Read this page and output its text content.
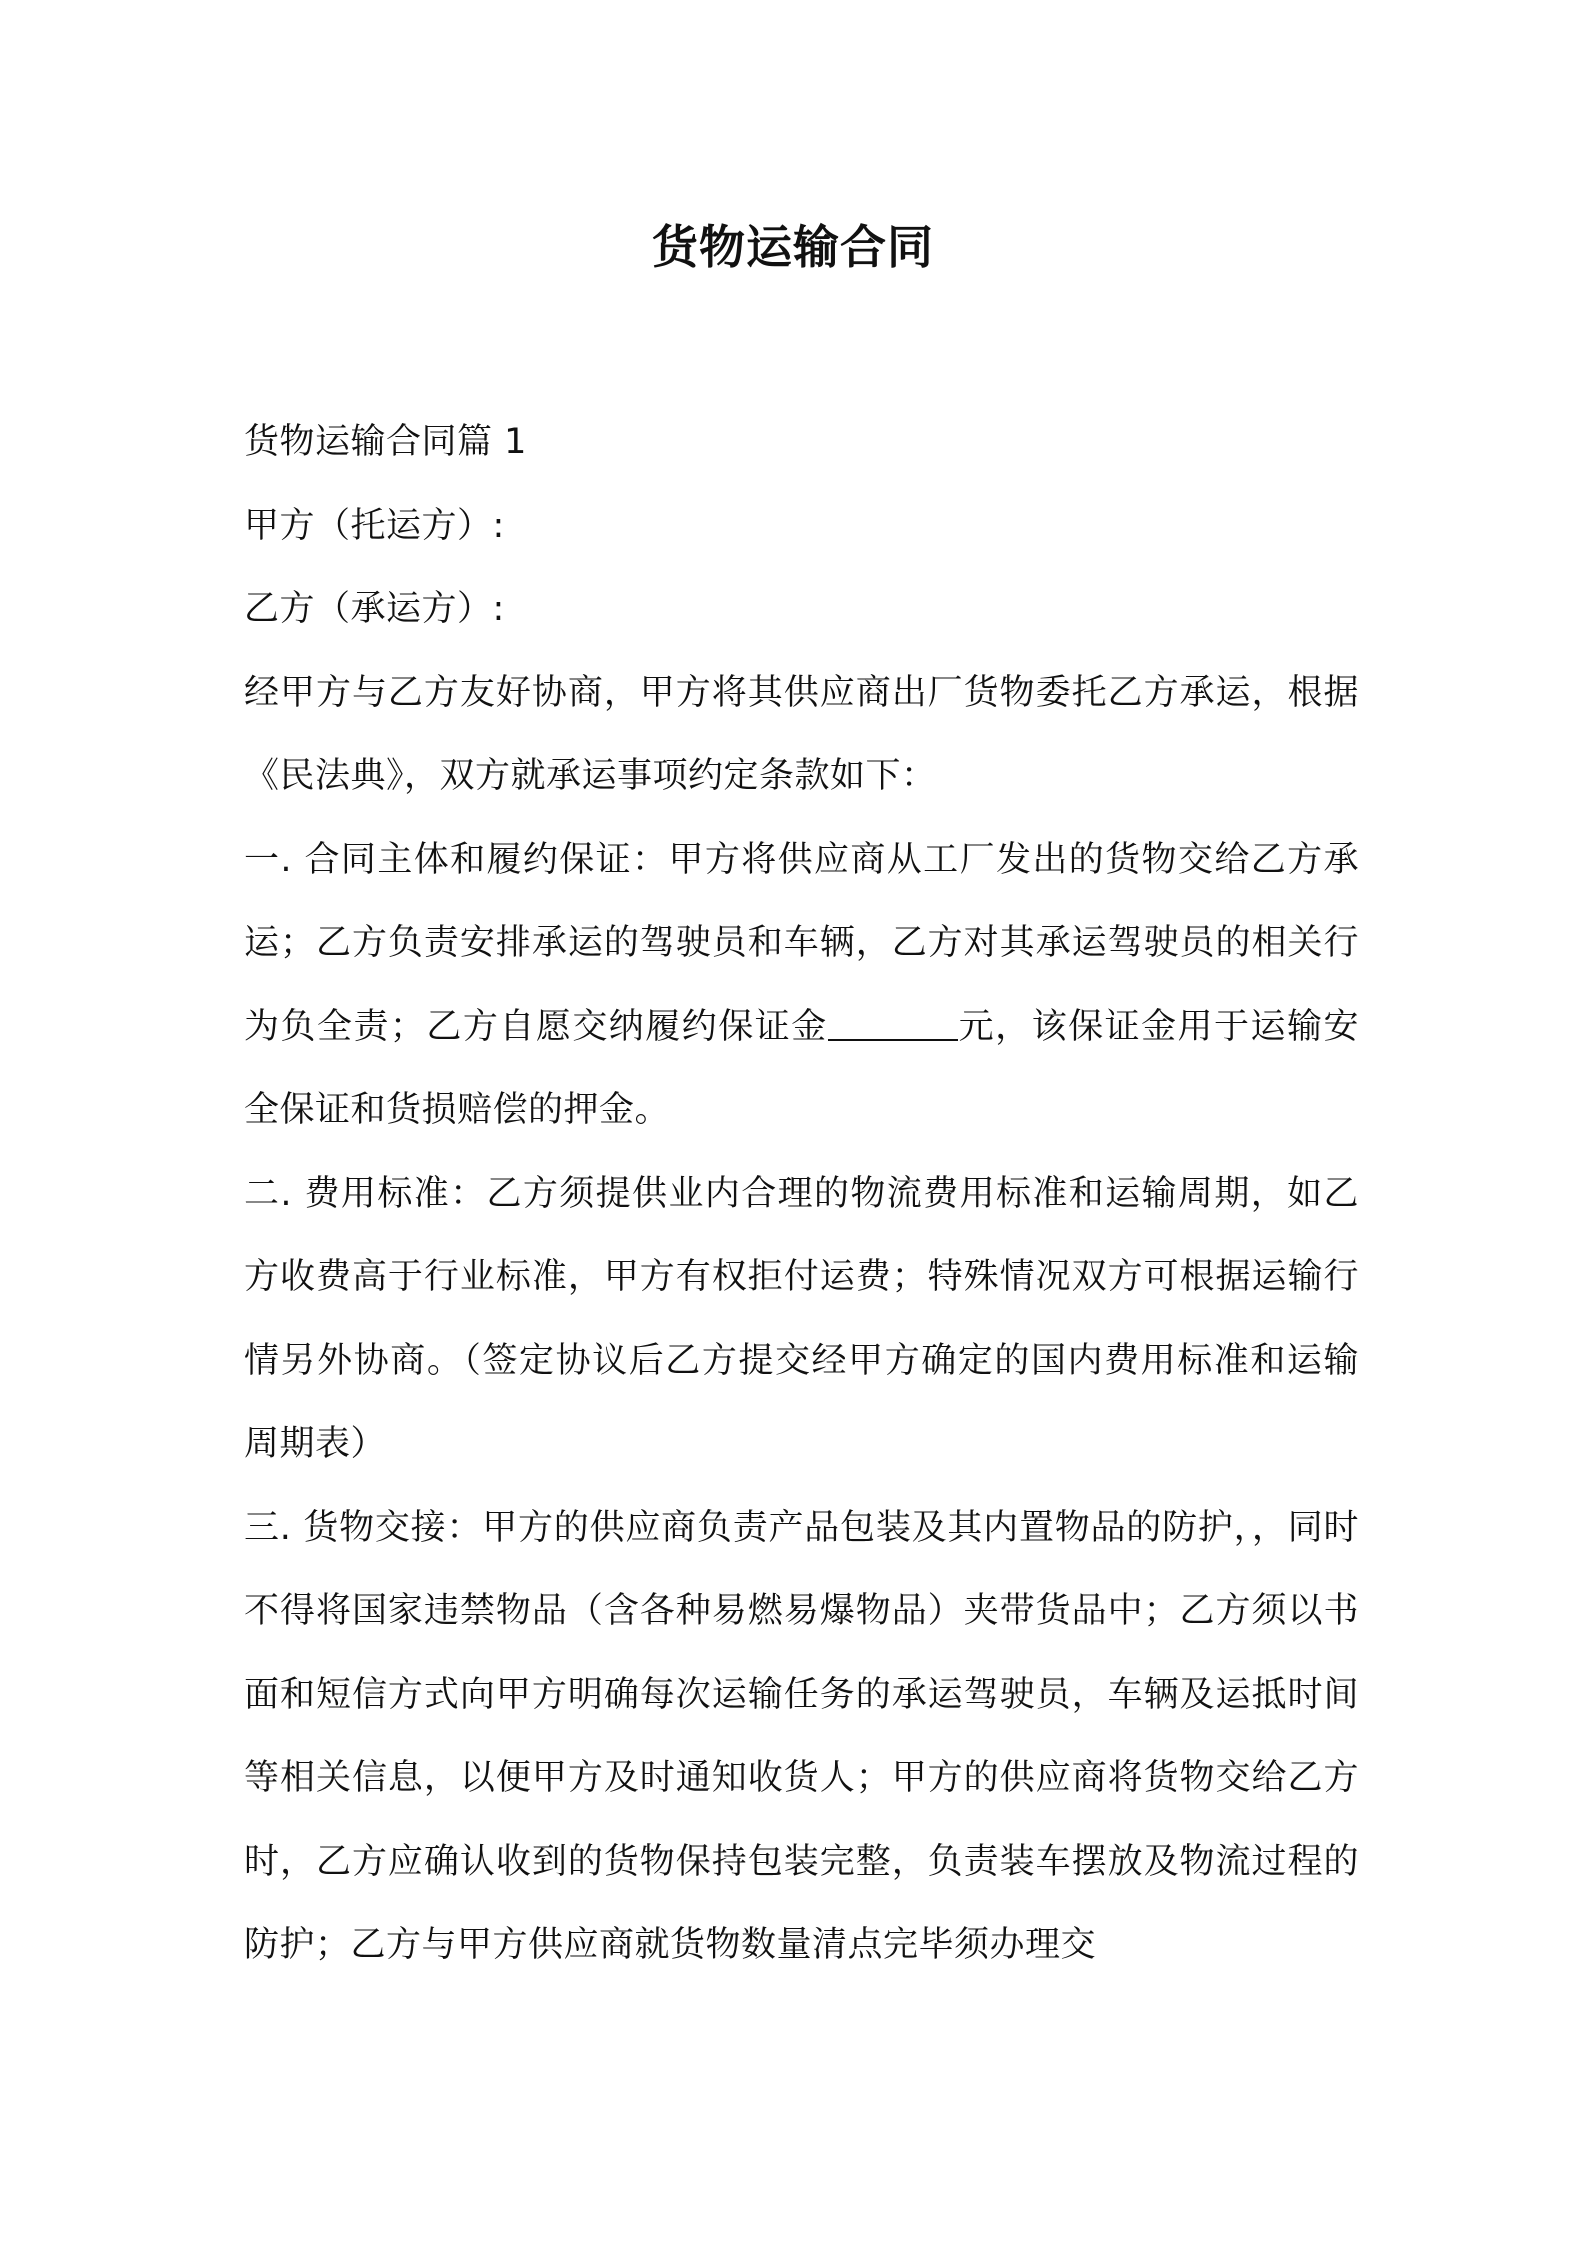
货物运输合同

货物运输合同篇 1

甲方（托运方）:

乙方（承运方）:

经甲方与乙方友好协商，甲方将其供应商出厂货物委托乙方承运，根据《民法典》，双方就承运事项约定条款如下：

一. 合同主体和履约保证：甲方将供应商从工厂发出的货物交给乙方承运；乙方负责安排承运的驾驶员和车辆，乙方对其承运驾驶员的相关行为负全责；乙方自愿交纳履约保证金	元，该保证金用于运输安全保证和货损赔偿的押金。

二. 费用标准：乙方须提供业内合理的物流费用标准和运输周期，如乙方收费高于行业标准，甲方有权拒付运费；特殊情况双方可根据运输行情另外协商。（签定协议后乙方提交经甲方确定的国内费用标准和运输周期表）

三. 货物交接：甲方的供应商负责产品包装及其内置物品的防护，，同时不得将国家违禁物品（含各种易燃易爆物品）夹带货品中；乙方须以书面和短信方式向甲方明确每次运输任务的承运驾驶员，车辆及运抵时间等相关信息，以便甲方及时通知收货人；甲方的供应商将货物交给乙方时，乙方应确认收到的货物保持包装完整，负责装车摆放及物流过程的防护；乙方与甲方供应商就货物数量清点完毕须办理交
